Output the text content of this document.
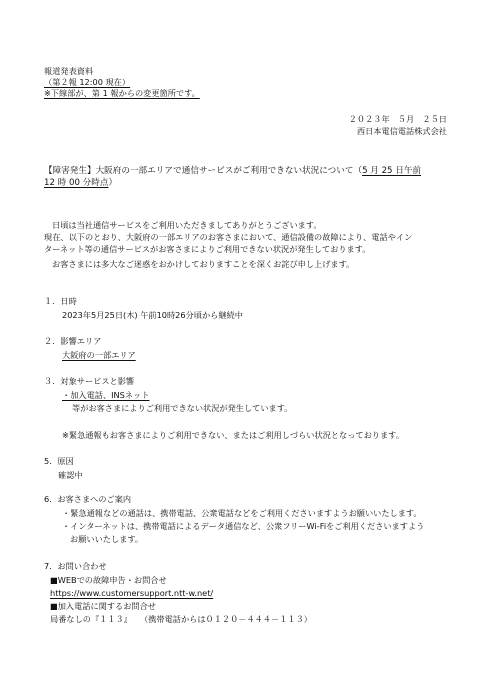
報道発表資料
（第２報 12:00 現在）
※下線部が、第 1 報からの変更箇所です。
２０２３年　５月　２５日
西日本電信電話株式会社
【障害発生】大阪府の一部エリアで通信サービスがご利用できない状況について（5 月 25 日午前
12 時 00 分時点）
日頃は当社通信サービスをご利用いただきましてありがとうございます。
現在、以下のとおり、大阪府の一部エリアのお客さまにおいて、通信設備の故障により、電話やイン
ターネット等の通信サービスがお客さまによりご利用できない状況が発生しております。
お客さまには多大なご迷惑をおかけしておりますことを深くお詫び申し上げます。
１．日時
2023年5月25日(木) 午前10時26分頃から継続中
２．影響エリア
大阪府の一部エリア
３．対象サービスと影響
・加入電話、INSネット
等がお客さまによりご利用できない状況が発生しています。
※緊急通報もお客さまによりご利用できない、またはご利用しづらい状況となっております。
5．原因
確認中
6．お客さまへのご案内
・緊急通報などの通話は、携帯電話、公衆電話などをご利用くださいますようお願いいたします。
・インターネットは、携帯電話によるデータ通信など、公衆フリーWi-Fiをご利用くださいますよう
お願いいたします。
7．お問い合わせ
■WEBでの故障申告・お問合せ
https://www.customersupport.ntt-w.net/
■加入電話に関するお問合せ
局番なしの『１１３』　　（携帯電話からは０１２０－４４４－１１３）
